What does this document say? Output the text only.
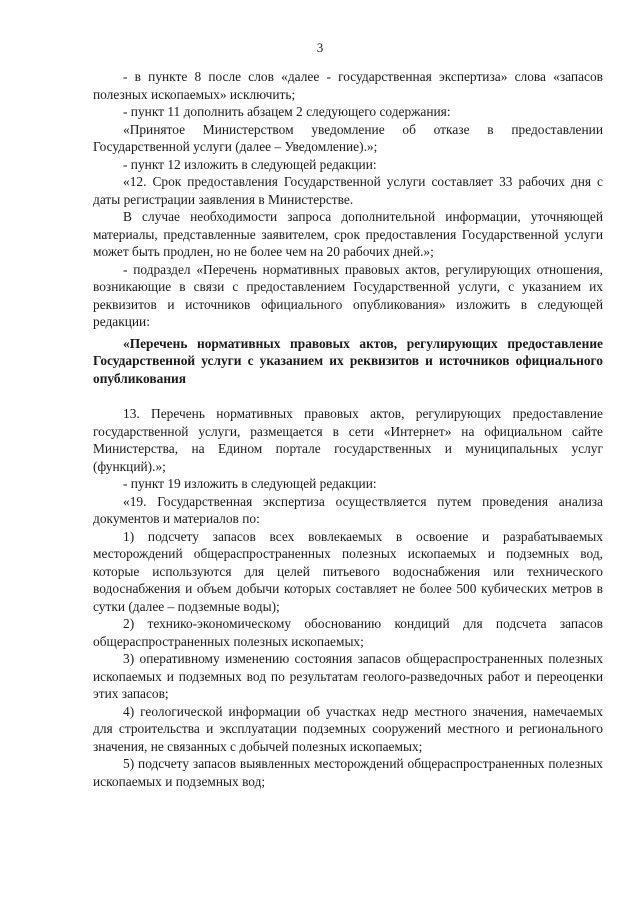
3

- в пункте 8 после слов «далее - государственная экспертиза» слова «запасов полезных ископаемых» исключить;

- пункт 11 дополнить абзацем 2 следующего содержания:

«Принятое Министерством уведомление об отказе в предоставлении Государственной услуги (далее – Уведомление).»;

- пункт 12 изложить в следующей редакции:

«12. Срок предоставления Государственной услуги составляет 33 рабочих дня с даты регистрации заявления в Министерстве.

В случае необходимости запроса дополнительной информации, уточняющей материалы, представленные заявителем, срок предоставления Государственной услуги может быть продлен, но не более чем на 20 рабочих дней.»;

- подраздел «Перечень нормативных правовых актов, регулирующих отношения, возникающие в связи с предоставлением Государственной услуги, с указанием их реквизитов и источников официального опубликования» изложить в следующей редакции:

«Перечень нормативных правовых актов, регулирующих предоставление Государственной услуги с указанием их реквизитов и источников официального опубликования

13. Перечень нормативных правовых актов, регулирующих предоставление государственной услуги, размещается в сети «Интернет» на официальном сайте Министерства, на Едином портале государственных и муниципальных услуг (функций).»;

- пункт 19 изложить в следующей редакции:

«19. Государственная экспертиза осуществляется путем проведения анализа документов и материалов по:

1) подсчету запасов всех вовлекаемых в освоение и разрабатываемых месторождений общераспространенных полезных ископаемых и подземных вод, которые используются для целей питьевого водоснабжения или технического водоснабжения и объем добычи которых составляет не более 500 кубических метров в сутки (далее – подземные воды);

2) технико-экономическому обоснованию кондиций для подсчета запасов общераспространенных полезных ископаемых;

3) оперативному изменению состояния запасов общераспространенных полезных ископаемых и подземных вод по результатам геолого-разведочных работ и переоценки этих запасов;

4) геологической информации об участках недр местного значения, намечаемых для строительства и эксплуатации подземных сооружений местного и регионального значения, не связанных с добычей полезных ископаемых;

5) подсчету запасов выявленных месторождений общераспространенных полезных ископаемых и подземных вод;
